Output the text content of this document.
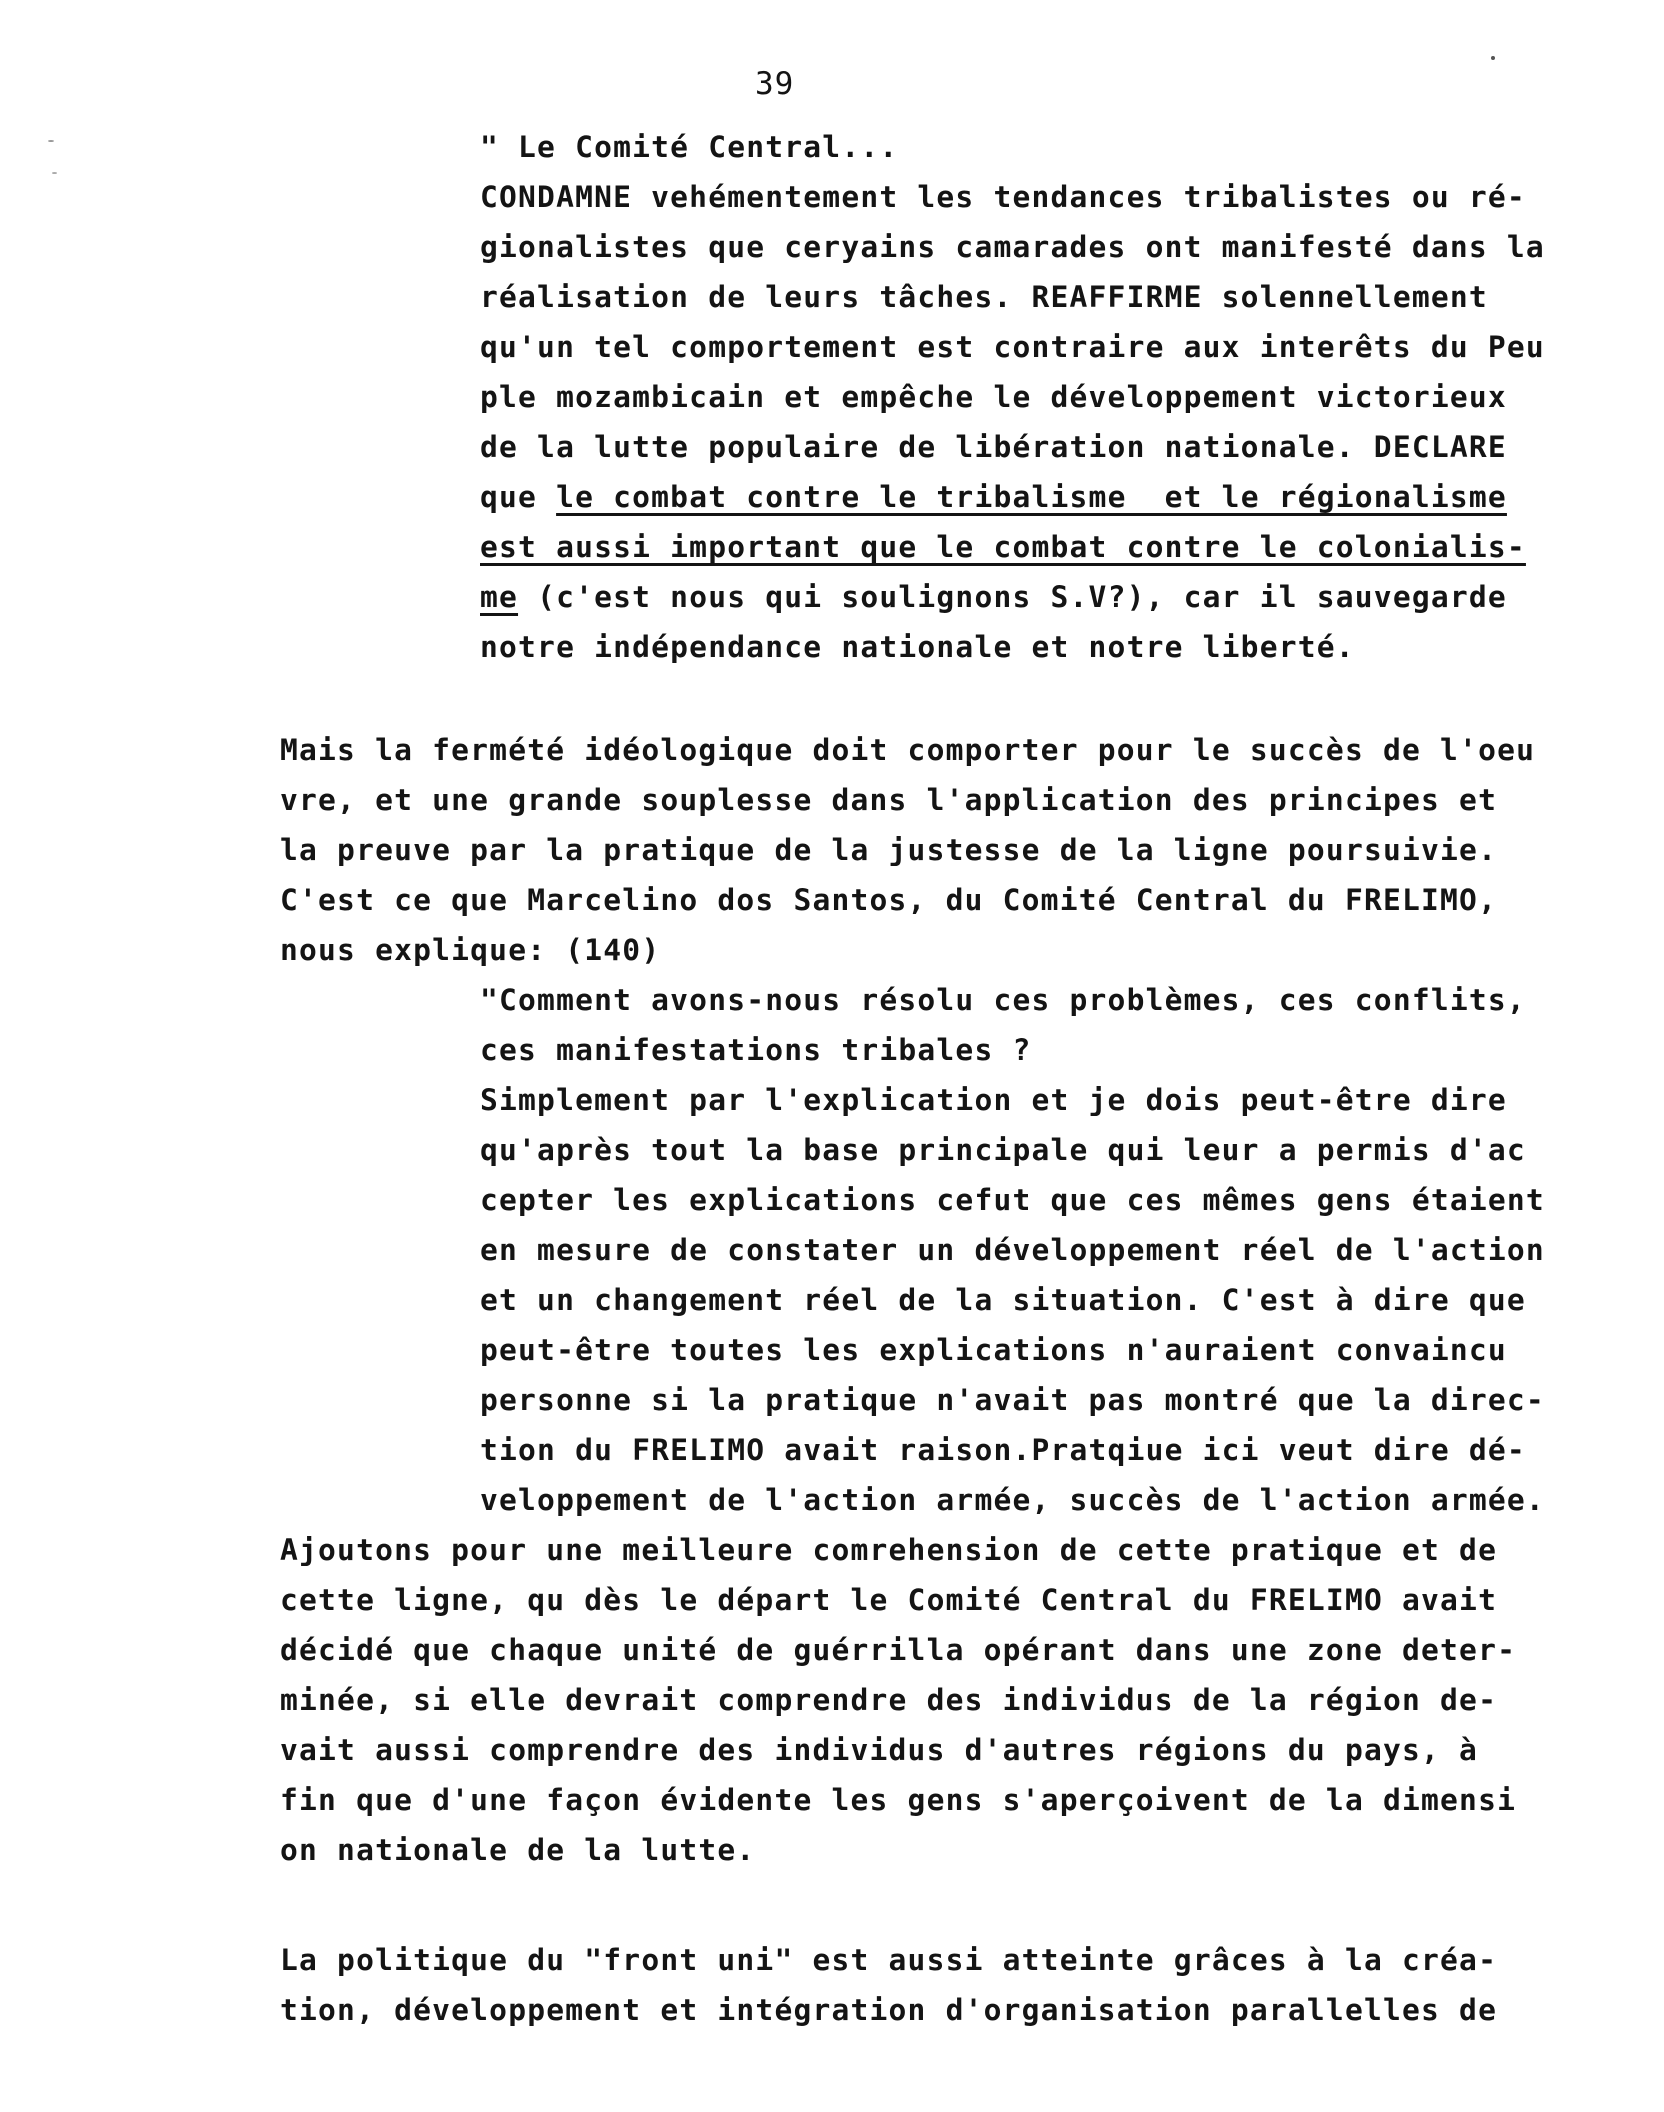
39
" Le Comité Central...
CONDAMNE vehémentement les tendances tribalistes ou ré-
gionalistes que ceryains camarades ont manifesté dans la
réalisation de leurs tâches. REAFFIRME solennellement
qu'un tel comportement est contraire aux interêts du Peu
ple mozambicain et empêche le développement victorieux
de la lutte populaire de libération nationale. DECLARE
que le combat contre le tribalisme  et le régionalisme
est aussi important que le combat contre le colonialis-
me (c'est nous qui soulignons S.V?), car il sauvegarde
notre indépendance nationale et notre liberté.
Mais la fermété idéologique doit comporter pour le succès de l'oeu
vre, et une grande souplesse dans l'application des principes et
la preuve par la pratique de la justesse de la ligne poursuivie.
C'est ce que Marcelino dos Santos, du Comité Central du FRELIMO,
nous explique: (140)
"Comment avons-nous résolu ces problèmes, ces conflits,
ces manifestations tribales ?
Simplement par l'explication et je dois peut-être dire
qu'après tout la base principale qui leur a permis d'ac
cepter les explications cefut que ces mêmes gens étaient
en mesure de constater un développement réel de l'action
et un changement réel de la situation. C'est à dire que
peut-être toutes les explications n'auraient convaincu
personne si la pratique n'avait pas montré que la direc-
tion du FRELIMO avait raison.Pratqiue ici veut dire dé-
veloppement de l'action armée, succès de l'action armée.
Ajoutons pour une meilleure comrehension de cette pratique et de
cette ligne, qu dès le départ le Comité Central du FRELIMO avait
décidé que chaque unité de guérrilla opérant dans une zone deter-
minée, si elle devrait comprendre des individus de la région de-
vait aussi comprendre des individus d'autres régions du pays, à
fin que d'une façon évidente les gens s'aperçoivent de la dimensi
on nationale de la lutte.
La politique du "front uni" est aussi atteinte grâces à la créa-
tion, développement et intégration d'organisation parallelles de
